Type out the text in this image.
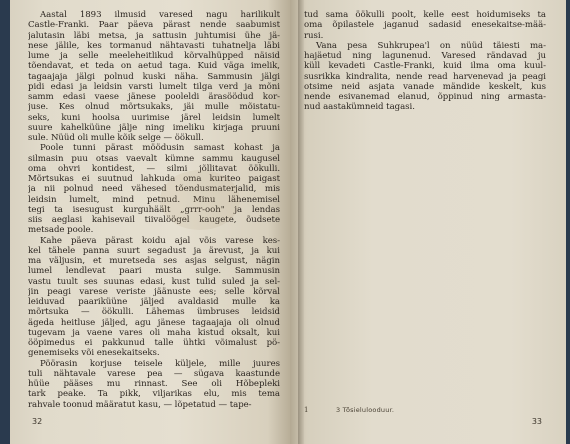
Aastal 1893 ilmusid varesed nagu harilikult
Castle-Franki. Paar päeva pärast nende saabumist
jalutasin läbi metsa, ja sattusin juhtumisi ühe jä-
nese jälile, kes tormanud nähtavasti tuhatnelja läbi
lume ja selle meeleheitlikud kõrvalhüpped näisid
tõendavat, et teda on aetud taga. Kuid väga imelik,
tagaajaja jälgi polnud kuski näha. Sammusin jälgi
pidi edasi ja leidsin varsti lumelt tilga verd ja mõni
samm edasi vaese jänese pooleldi ärasöödud kor-
juse. Kes olnud mõrtsukaks, jäi mulle mõistatu-
seks, kuni hoolsa uurimise järel leidsin lumelt
suure kahelküüne jälje ning imeliku kirjaga pruuni
sule. Nüüd oli mulle kõik selge — öökull.
Poole tunni pärast möödusin samast kohast ja
silmasin puu otsas vaevalt kümne sammu kaugusel
oma ohvri kontidest, — silmi jõllitavat öökulli.
Mõrtsukas ei suutnud lahkuda oma kuriteo paigast
ja nii polnud need vähesed tõendusmaterjalid, mis
leidsin lumelt, mind petnud. Minu lähenemisel
tegi ta isesugust kurguhäält „grrr-ooh" ja lendas
siis aeglasi kahisevail tiivalöögel kaugete, õudsete
metsade poole.
Kahe päeva pärast koidu ajal võis varese kes-
kel tähele panna suurt segadust ja ärevust, ja kui
ma väljusin, et muretseda ses asjas selgust, nägin
lumel lendlevat paari musta sulge. Sammusin
vastu tuult ses suunas edasi, kust tulid suled ja sel-
jin peagi varese veriste jäänuste ees; selle kõrval
leiduvad paariküüne jäljed avaldasid mulle ka
mõrtsuka — öökulli. Lähemas ümbruses leidsid
ägeda heitluse jäljed, agu jänese tagaajaja oli olnud
tugevam ja vaene vares oli maha kistud oksalt, kui
ööpimedus ei pakkunud talle ühtki võimalust pö-
genemiseks või enesekaitseks.
Pöörasin korjuse teisele küljele, mille juures
tuli nähtavale varese pea — sügava kaastunde
hüüe pääses mu rinnast. See oli Hõbepleki
tark peake. Ta pikk, viljarikas elu, mis tema
rahvale toonud määratut kasu, — lõpetatud — tape-
32
tud sama öökulli poolt, kelle eest hoidumiseks ta
oma õpilastele jaganud sadasid enesekaitse-mää-
rusi.
Vana pesa Suhkrupea'l on nüüd täiesti ma-
hajäetud ning lagunenud. Varesed rändavad ju
küll kevadeti Castle-Franki, kuid ilma oma kuul-
susrikka kindralita, nende read harvenevad ja peagi
otsime neid asjata vanade mändide keskelt, kus
nende esivanemad elanud, õppinud ning armasta-
nud aastakümneid tagasi.
1	3 Tõsielulooduur.
33
